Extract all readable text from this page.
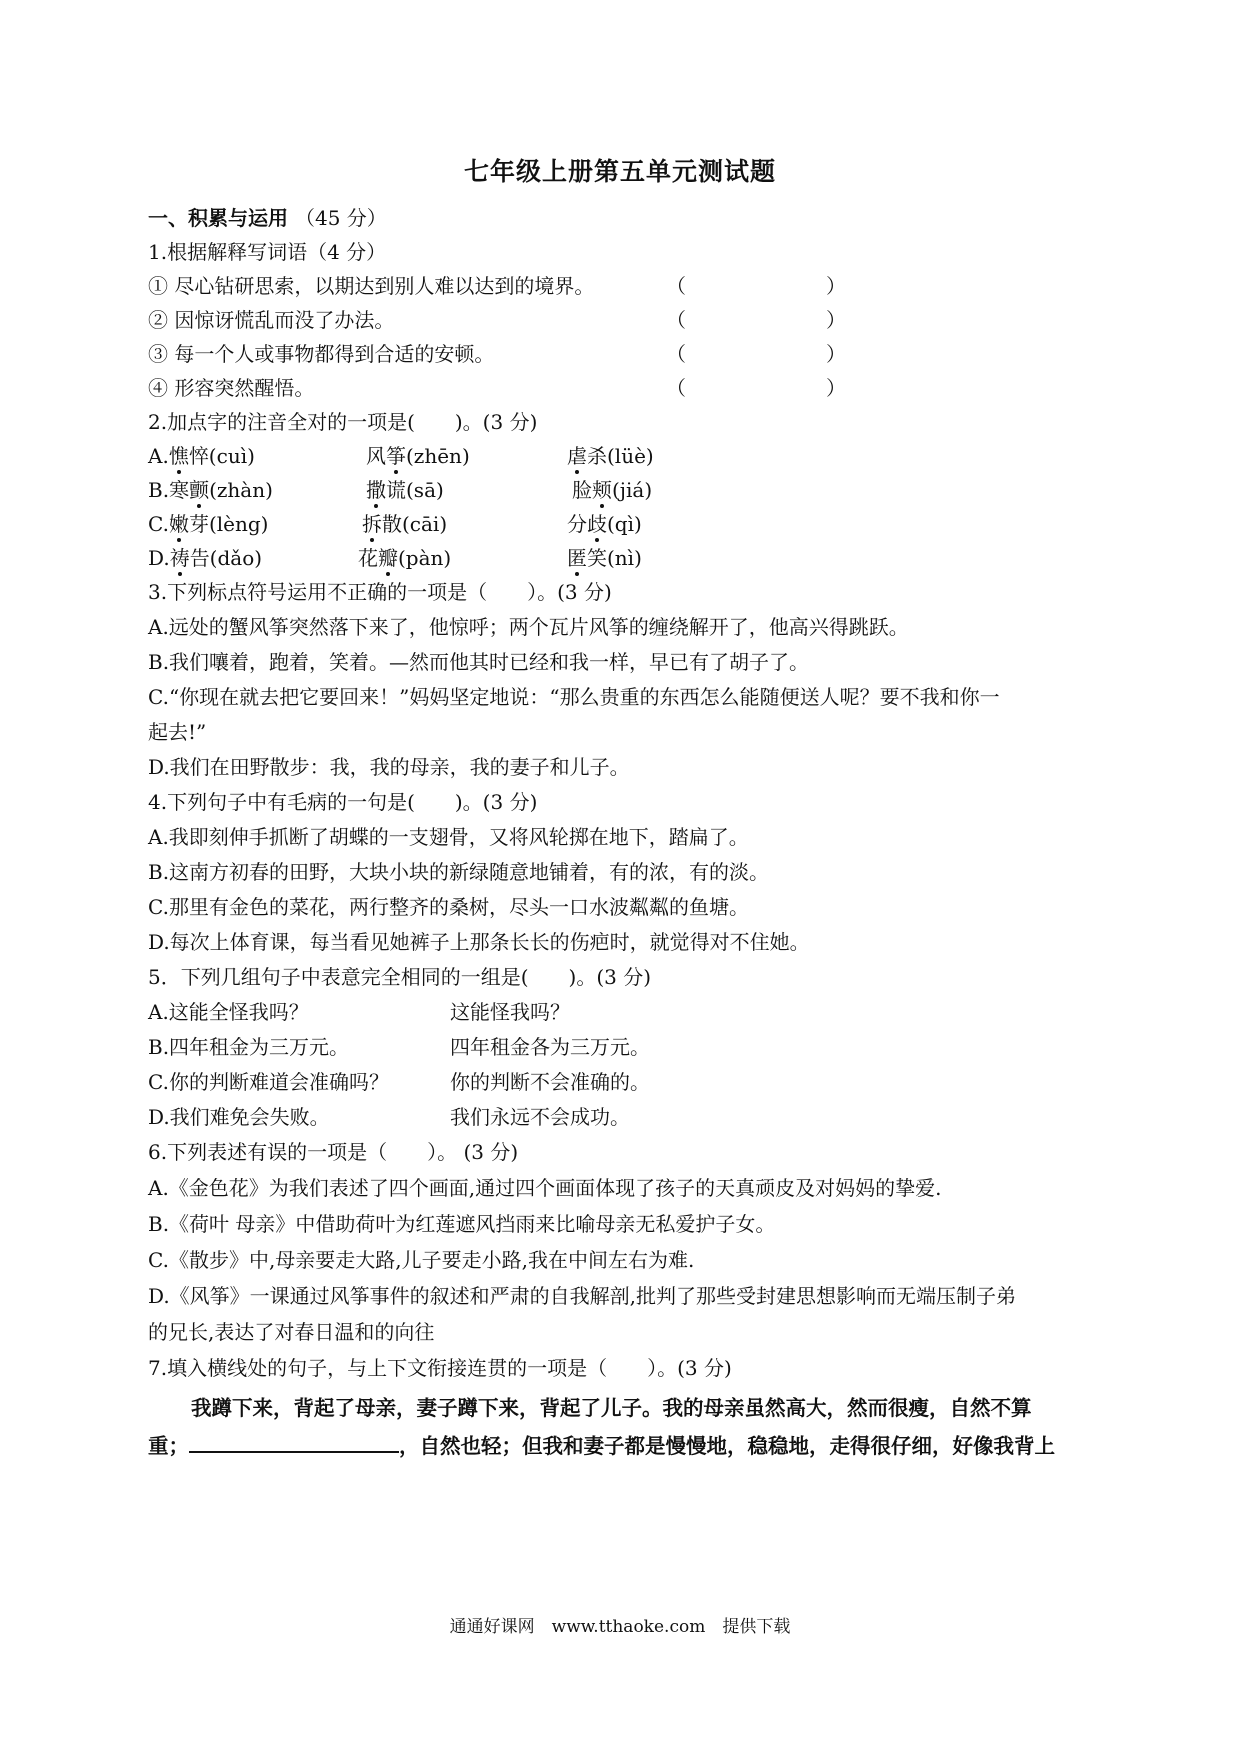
七年级上册第五单元测试题
一、积累与运用 （45 分）
1.根据解释写词语（4 分）
① 尽心钻研思索，以期达到别人难以达到的境界。	（	）
② 因惊讶慌乱而没了办法。	（	）
③ 每一个人或事物都得到合适的安顿。	（	）
④ 形容突然醒悟。	（	）
2.加点字的注音全对的一项是(　　)。(3 分)
A.憔悴(cuì)	风筝(zhēn)	虐杀(lüè)
B.寒颤(zhàn)	撒谎(sā)	脸颊(jiá)
C.嫩芽(lèng)	拆散(cāi)	分歧(qì)
D.祷告(dǎo)	花瓣(pàn)	匿笑(nì)
3.下列标点符号运用不正确的一项是（　　）。(3 分)
A.远处的蟹风筝突然落下来了，他惊呼；两个瓦片风筝的缠绕解开了，他高兴得跳跃。
B.我们嚷着，跑着，笑着。—然而他其时已经和我一样，早已有了胡子了。
C.“你现在就去把它要回来！”妈妈坚定地说：“那么贵重的东西怎么能随便送人呢？要不我和你一
起去!”
D.我们在田野散步：我，我的母亲，我的妻子和儿子。
4.下列句子中有毛病的一句是(　　)。(3 分)
A.我即刻伸手抓断了胡蝶的一支翅骨，又将风轮掷在地下，踏扁了。
B.这南方初春的田野，大块小块的新绿随意地铺着，有的浓，有的淡。
C.那里有金色的菜花，两行整齐的桑树，尽头一口水波粼粼的鱼塘。
D.每次上体育课，每当看见她裤子上那条长长的伤疤时，就觉得对不住她。
5．下列几组句子中表意完全相同的一组是(　　)。(3 分)
A.这能全怪我吗？	这能怪我吗？
B.四年租金为三万元。	四年租金各为三万元。
C.你的判断难道会准确吗？	你的判断不会准确的。
D.我们难免会失败。	我们永远不会成功。
6.下列表述有误的一项是（　　）。 (3 分)
A.《金色花》为我们表述了四个画面,通过四个画面体现了孩子的天真顽皮及对妈妈的挚爱.
B.《荷叶 母亲》中借助荷叶为红莲遮风挡雨来比喻母亲无私爱护子女。
C.《散步》中,母亲要走大路,儿子要走小路,我在中间左右为难.
D.《风筝》一课通过风筝事件的叙述和严肃的自我解剖,批判了那些受封建思想影响而无端压制子弟
的兄长,表达了对春日温和的向往
7.填入横线处的句子，与上下文衔接连贯的一项是（　　）。(3 分)
我蹲下来，背起了母亲，妻子蹲下来，背起了儿子。我的母亲虽然高大，然而很瘦，自然不算
重；	，自然也轻；但我和妻子都是慢慢地，稳稳地，走得很仔细，好像我背上
通通好课网　www.tthaoke.com　提供下载
